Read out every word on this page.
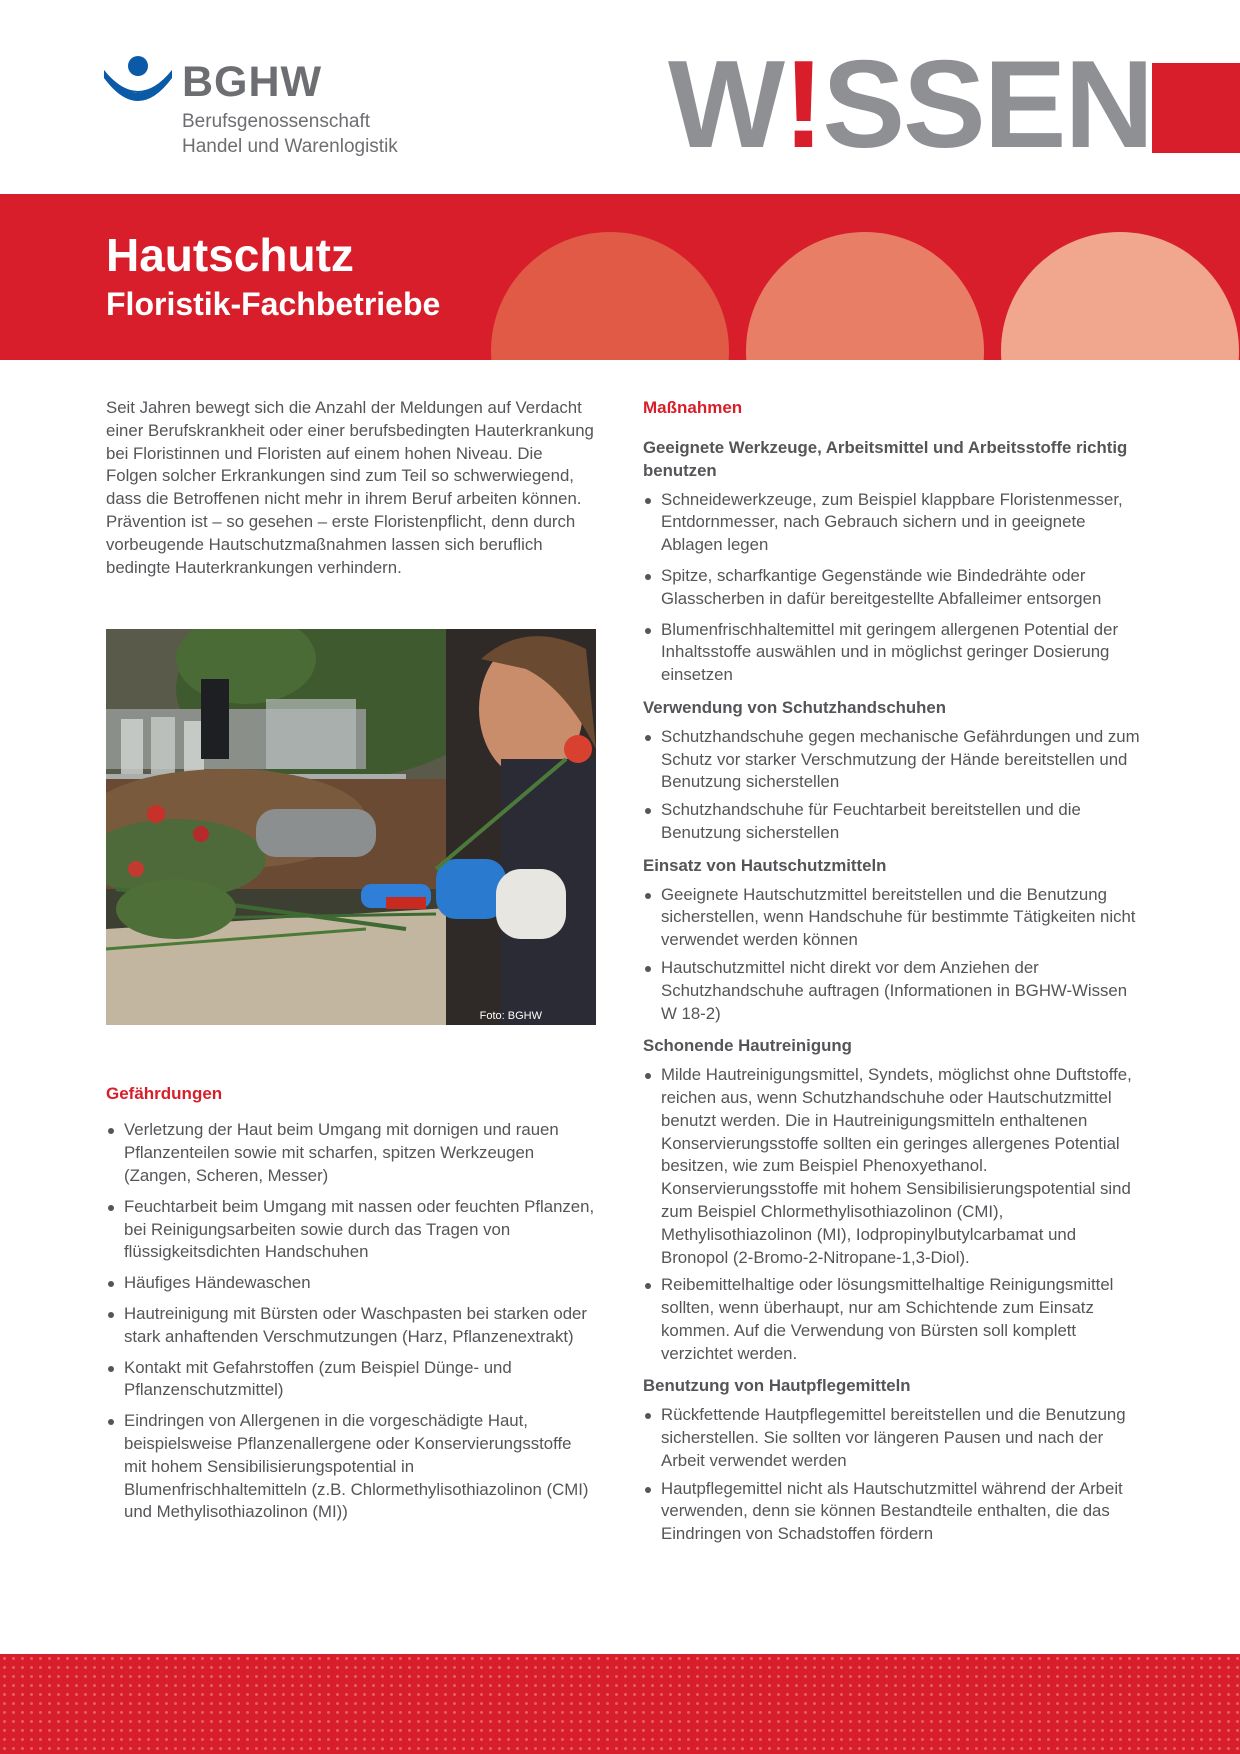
BGHW
Berufsgenossenschaft
Handel und Warenlogistik W!SSEN
Hautschutz
Floristik-Fachbetriebe

Seit Jahren bewegt sich die Anzahl der Meldungen auf Verdacht einer Berufskrankheit oder einer berufsbedingten Hauterkrankung bei Floristinnen und Floristen auf einem hohen Niveau. Die Folgen solcher Erkrankungen sind zum Teil so schwerwiegend, dass die Betroffenen nicht mehr in ihrem Beruf arbeiten können. Prävention ist – so gesehen – erste Floristenpflicht, denn durch vorbeugende Hautschutzmaßnahmen lassen sich beruflich bedingte Hauterkrankungen verhindern.

Foto: BGHW
Gefährdungen
Verletzung der Haut beim Umgang mit dornigen und rauen Pflanzenteilen sowie mit scharfen, spitzen Werkzeugen (Zangen, Scheren, Messer)
Feuchtarbeit beim Umgang mit nassen oder feuchten Pflanzen, bei Reinigungsarbeiten sowie durch das Tragen von flüssigkeitsdichten Handschuhen
Häufiges Händewaschen
Hautreinigung mit Bürsten oder Waschpasten bei starken oder stark anhaftenden Verschmutzungen (Harz, Pflanzenextrakt)
Kontakt mit Gefahrstoffen (zum Beispiel Dünge- und Pflanzenschutzmittel)
Eindringen von Allergenen in die vorgeschädigte Haut, beispielsweise Pflanzenallergene oder Konservierungsstoffe mit hohem Sensibilisierungspotential in Blumenfrischhaltemitteln (z.B. Chlormethylisothiazolinon (CMI) und Methylisothiazolinon (MI))
Maßnahmen
Geeignete Werkzeuge, Arbeitsmittel und Arbeitsstoffe richtig benutzen
Schneidewerkzeuge, zum Beispiel klappbare Floristenmesser, Entdornmesser, nach Gebrauch sichern und in geeignete Ablagen legen
Spitze, scharfkantige Gegenstände wie Bindedrähte oder Glasscherben in dafür bereitgestellte Abfalleimer entsorgen
Blumenfrischhaltemittel mit geringem allergenen Potential der Inhaltsstoffe auswählen und in möglichst geringer Dosierung einsetzen
Verwendung von Schutzhandschuhen
Schutzhandschuhe gegen mechanische Gefährdungen und zum Schutz vor starker Verschmutzung der Hände bereitstellen und Benutzung sicherstellen
Schutzhandschuhe für Feuchtarbeit bereitstellen und die Benutzung sicherstellen
Einsatz von Hautschutzmitteln
Geeignete Hautschutzmittel bereitstellen und die Benutzung sicherstellen, wenn Handschuhe für bestimmte Tätigkeiten nicht verwendet werden können
Hautschutzmittel nicht direkt vor dem Anziehen der Schutzhandschuhe auftragen (Informationen in BGHW-Wissen W 18-2)
Schonende Hautreinigung
Milde Hautreinigungsmittel, Syndets, möglichst ohne Duftstoffe, reichen aus, wenn Schutzhandschuhe oder Hautschutzmittel benutzt werden. Die in Hautreinigungsmitteln enthaltenen Konservierungsstoffe sollten ein geringes allergenes Potential besitzen, wie zum Beispiel Phenoxyethanol. Konservierungsstoffe mit hohem Sensibilisierungspotential sind zum Beispiel Chlormethylisothiazolinon (CMI), Methylisothiazolinon (MI), Iodpropinylbutylcarbamat und Bronopol (2-Bromo-2-Nitropane-1,3-Diol).
Reibemittelhaltige oder lösungsmittelhaltige Reinigungsmittel sollten, wenn überhaupt, nur am Schichtende zum Einsatz kommen. Auf die Verwendung von Bürsten soll komplett verzichtet werden.
Benutzung von Hautpflegemitteln
Rückfettende Hautpflegemittel bereitstellen und die Benutzung sicherstellen. Sie sollten vor längeren Pausen und nach der Arbeit verwendet werden
Hautpflegemittel nicht als Hautschutzmittel während der Arbeit verwenden, denn sie können Bestandteile enthalten, die das Eindringen von Schadstoffen fördern
